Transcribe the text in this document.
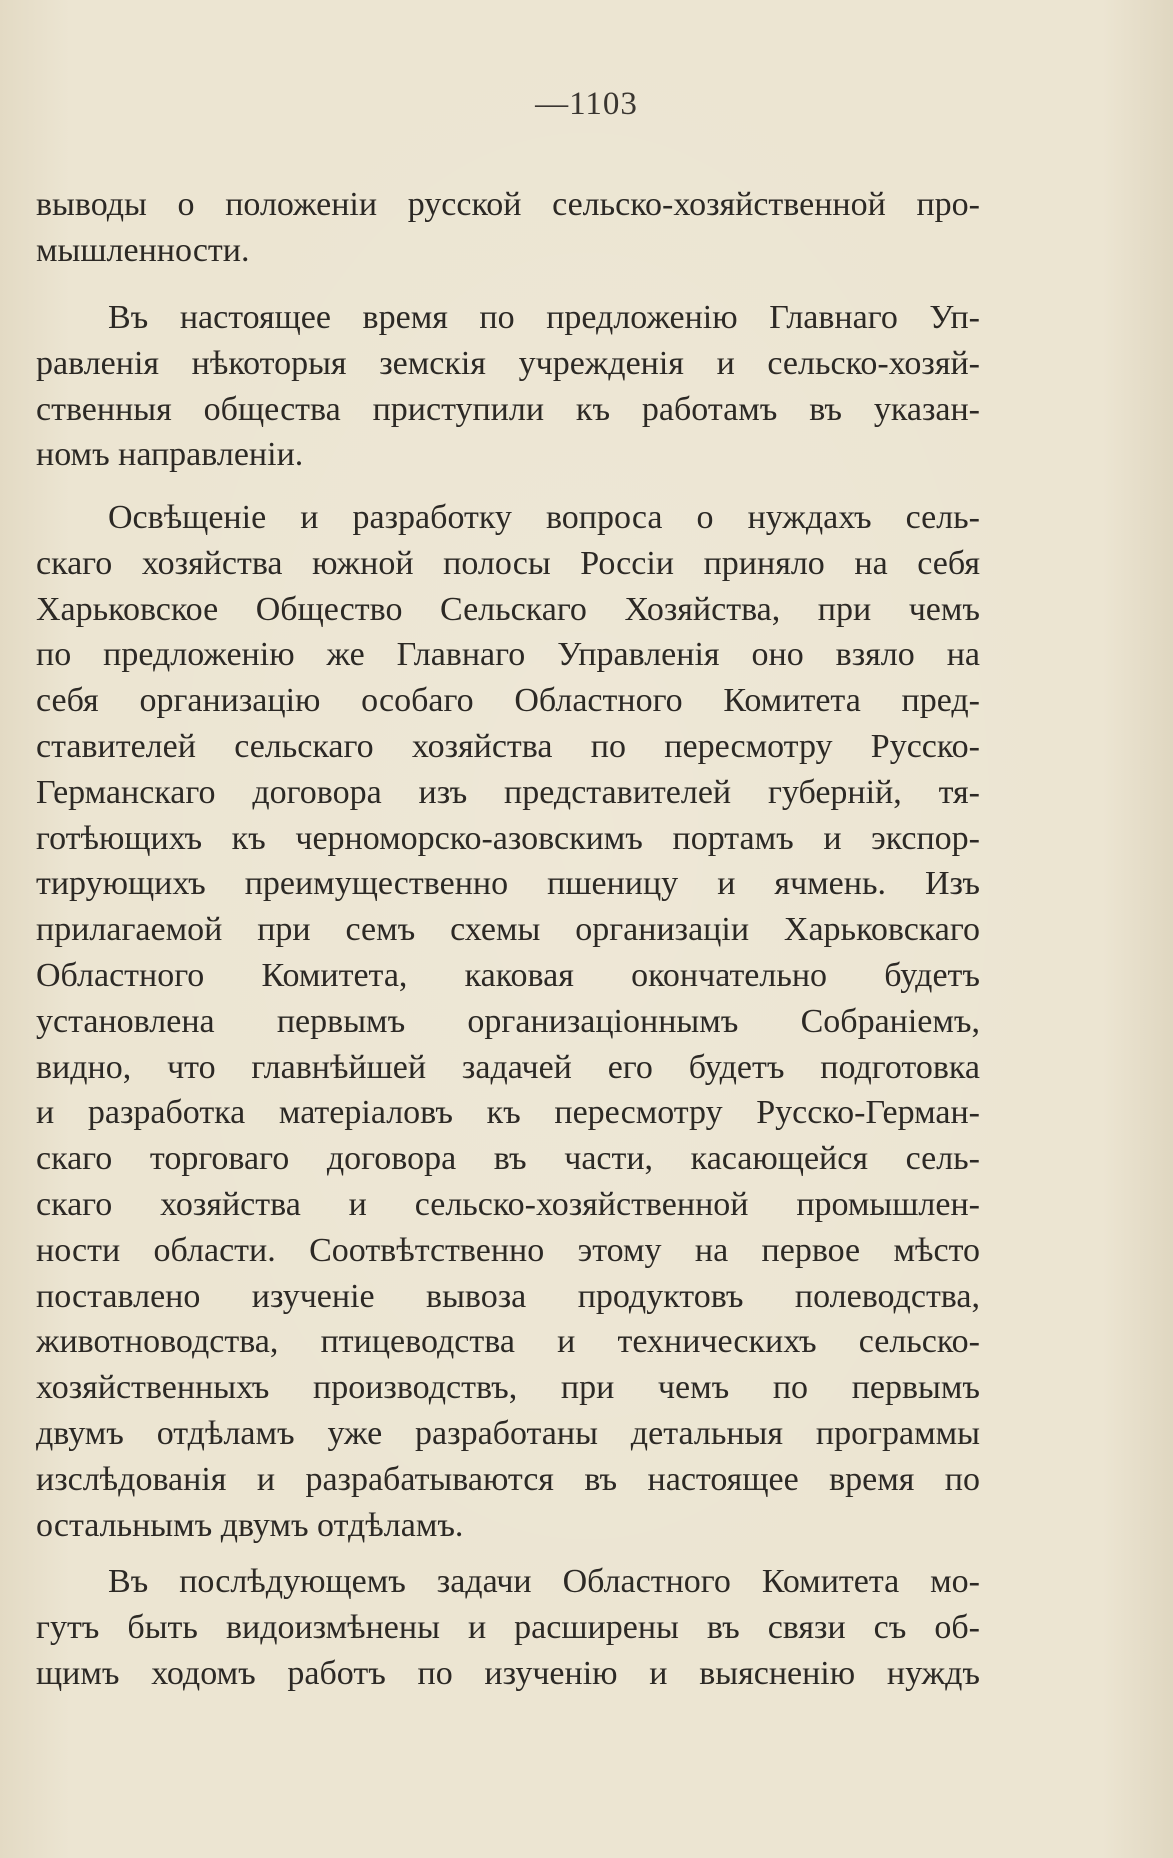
—1103
выводы о положеніи русской сельско-хозяйственной про-
мышленности.
Въ настоящее время по предложенію Главнаго Уп-
равленія нѣкоторыя земскія учрежденія и сельско-хозяй-
ственныя общества приступили къ работамъ въ указан-
номъ направленіи.
Освѣщеніе и разработку вопроса о нуждахъ сель-
скаго хозяйства южной полосы Россіи приняло на себя
Харьковское Общество Сельскаго Хозяйства, при чемъ
по предложенію же Главнаго Управленія оно взяло на
себя организацію особаго Областного Комитета пред-
ставителей сельскаго хозяйства по пересмотру Русско-
Германскаго договора изъ представителей губерній, тя-
готѣющихъ къ черноморско-азовскимъ портамъ и экспор-
тирующихъ преимущественно пшеницу и ячмень. Изъ
прилагаемой при семъ схемы организаціи Харьковскаго
Областного Комитета, каковая окончательно будетъ
установлена первымъ организаціоннымъ Собраніемъ,
видно, что главнѣйшей задачей его будетъ подготовка
и разработка матеріаловъ къ пересмотру Русско-Герман-
скаго торговаго договора въ части, касающейся сель-
скаго хозяйства и сельско-хозяйственной промышлен-
ности области. Соотвѣтственно этому на первое мѣсто
поставлено изученіе вывоза продуктовъ полеводства,
животноводства, птицеводства и техническихъ сельско-
хозяйственныхъ производствъ, при чемъ по первымъ
двумъ отдѣламъ уже разработаны детальныя программы
изслѣдованія и разрабатываются въ настоящее время по
остальнымъ двумъ отдѣламъ.
Въ послѣдующемъ задачи Областного Комитета мо-
гутъ быть видоизмѣнены и расширены въ связи съ об-
щимъ ходомъ работъ по изученію и выясненію нуждъ
